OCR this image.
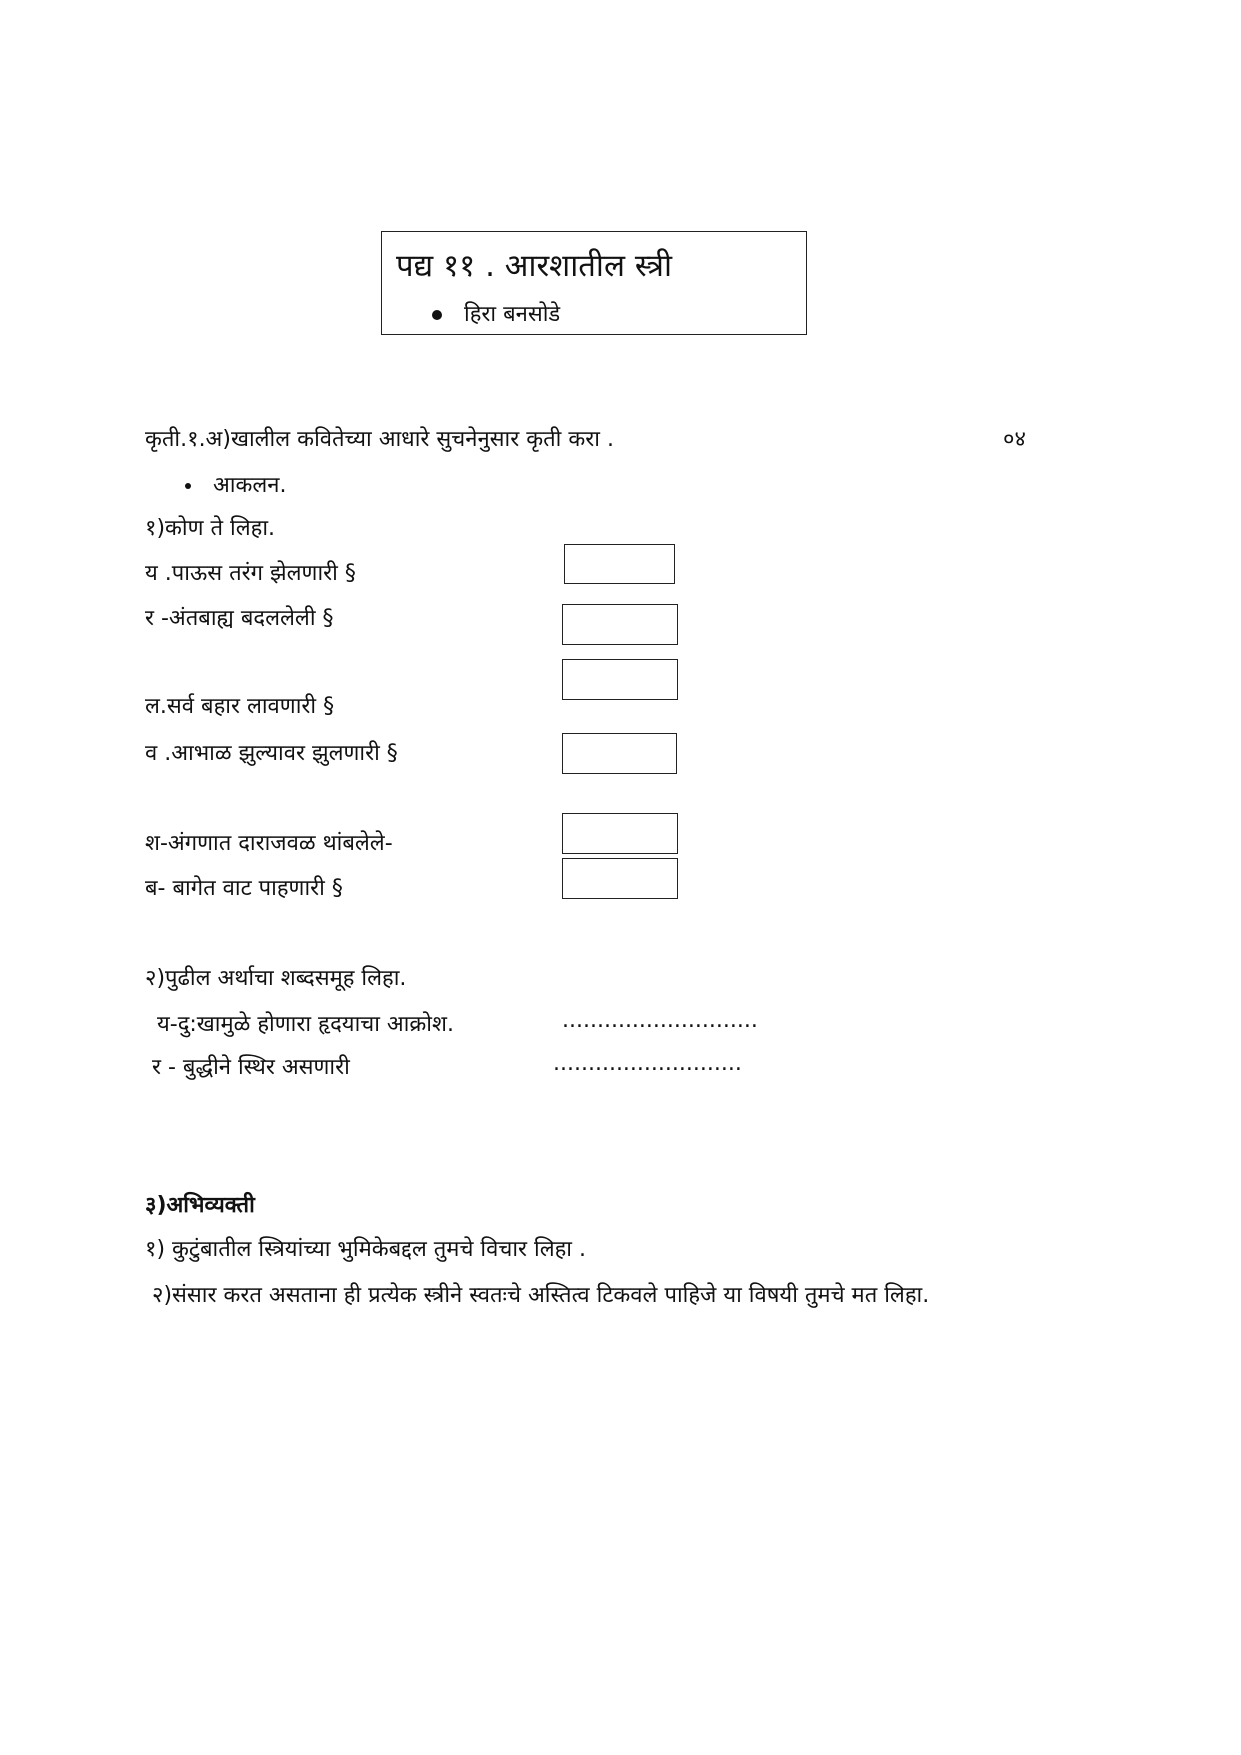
पद्य ११ . आरशातील स्त्री
हिरा बनसोडे
कृती.१.अ)खालील कवितेच्या आधारे सुचनेनुसार कृती करा .	०४
आकलन.
१)कोण ते लिहा.
य .पाऊस तरंग झेलणारी §
र -अंतबाह्य बदललेली §
ल.सर्व बहार लावणारी §
व .आभाळ झुल्यावर झुलणारी §
श-अंगणात दाराजवळ थांबलेले-
ब- बागेत वाट पाहणारी §
२)पुढील अर्थाचा शब्दसमूह लिहा.
य-दु:खामुळे होणारा हृदयाचा आक्रोश.	............................
र - बुद्धीने स्थिर असणारी	...........................
३)अभिव्यक्ती
१) कुटुंबातील स्त्रियांच्या भुमिकेबद्दल तुमचे विचार लिहा .
२)संसार करत असताना ही प्रत्येक स्त्रीने स्वतःचे अस्तित्व टिकवले पाहिजे या विषयी तुमचे मत लिहा.
